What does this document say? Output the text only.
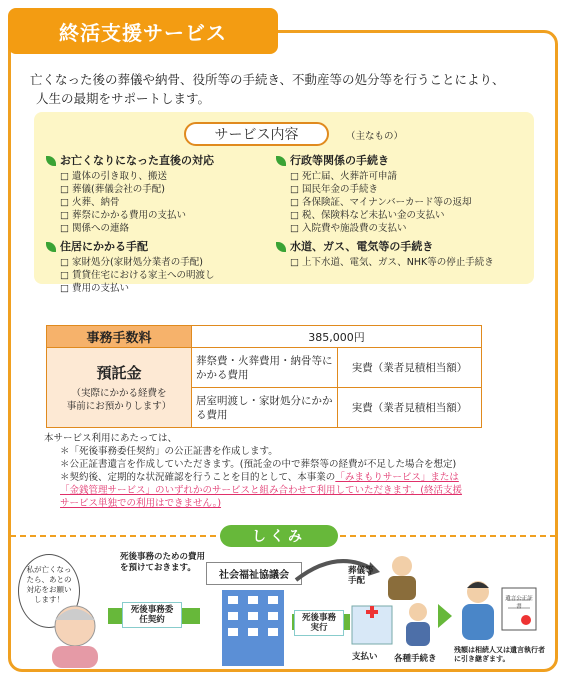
終活支援サービス
亡くなった後の葬儀や納骨、役所等の手続き、不動産等の処分等を行うことにより、
人生の最期をサポートします。
サービス内容	（主なもの）
お亡くなりになった直後の対応
□ 遺体の引き取り、搬送
□ 葬儀(葬儀会社の手配)
□ 火葬、納骨
□ 葬祭にかかる費用の支払い
□ 関係への連絡
行政等関係の手続き
□ 死亡届、火葬許可申請
□ 国民年金の手続き
□ 各保険証、マイナンバーカード等の返却
□ 税、保険料など未払い金の支払い
□ 入院費や施設費の支払い
住居にかかる手配
□ 家財処分(家財処分業者の手配)
□ 賃貸住宅における家主への明渡し
□ 費用の支払い
水道、ガス、電気等の手続き
□ 上下水道、電気、ガス、NHK等の停止手続き
事務手数料	385,000円	

預託金
（実際にかかる経費を
事前にお預かりします）	葬祭費・火葬費用・納骨等にかかる費用	実費（業者見積相当額）
	居室明渡し・家財処分にかかる費用	実費（業者見積相当額）
本サービス利用にあたっては、
＊「死後事務委任契約」の公正証書を作成します。
＊公正証書遺言を作成していただきます。(預託金の中で葬祭等の経費が不足した場合を想定)
＊契約後、定期的な状況確認を行うことを目的として、本事業の「みまもりサービス」または
「金銭管理サービス」のいずれかのサービスと組み合わせて利用していただきます。(終活支援
サービス単独での利用はできません。)
しくみ
私が亡くなったら、あとの対応をお願いします！
死後事務のための費用を預けておきます。
死後事務委任契約
社会福祉協議会
死後事務実行
葬儀等手配
支払い 各種手続き
遺言公正証書
残額は相続人又は遺言執行者に引き継ぎます。
